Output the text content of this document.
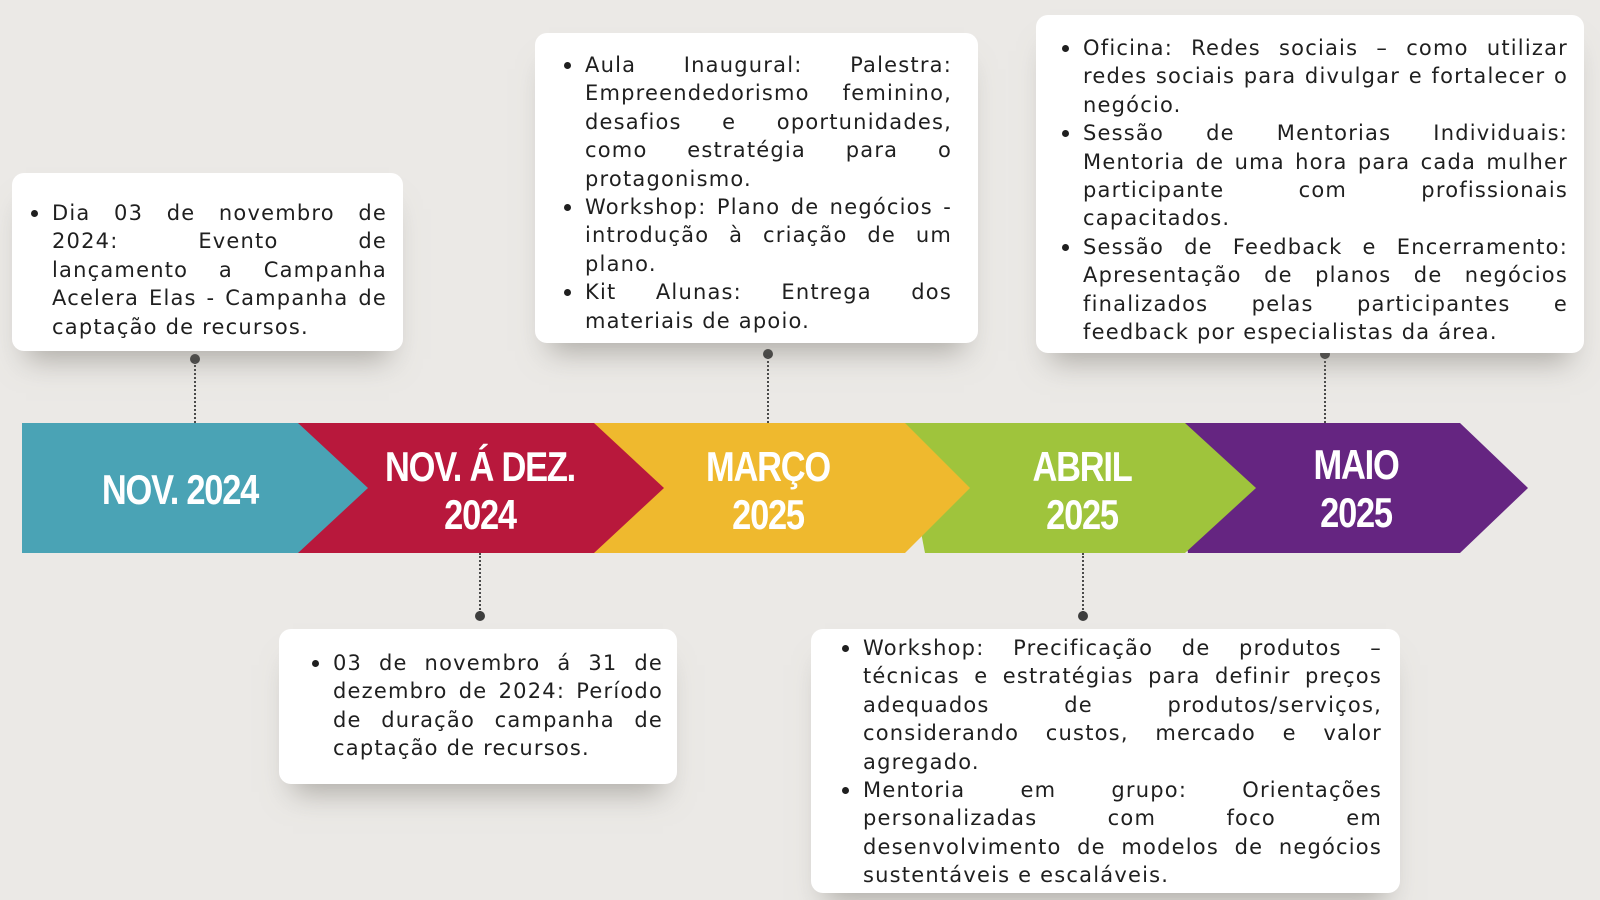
NOV. 2024	NOV. Á DEZ.
2024
MARÇO
2025
ABRIL
2025
MAIO
2025
Dia 03 de novembro de 2024: Evento de lançamento a Campanha Acelera Elas - Campanha de captação de recursos.
03 de novembro á 31 de dezembro de 2024: Período de duração campanha de captação de recursos.
Aula Inaugural: Palestra: Empreendedorismo feminino, desafios e oportunidades, como estratégia para o protagonismo.
Workshop: Plano de negócios - introdução à criação de um plano.
Kit Alunas: Entrega dos materiais de apoio.
Workshop: Precificação de produtos – técnicas e estratégias para definir preços adequados de produtos/serviços, considerando custos, mercado e valor agregado.
Mentoria em grupo: Orientações personalizadas com foco em desenvolvimento de modelos de negócios sustentáveis e escaláveis.
Oficina: Redes sociais – como utilizar redes sociais para divulgar e fortalecer o negócio.
Sessão de Mentorias Individuais: Mentoria de uma hora para cada mulher participante com profissionais capacitados.
Sessão de Feedback e Encerramento: Apresentação de planos de negócios finalizados pelas participantes e feedback por especialistas da área.
